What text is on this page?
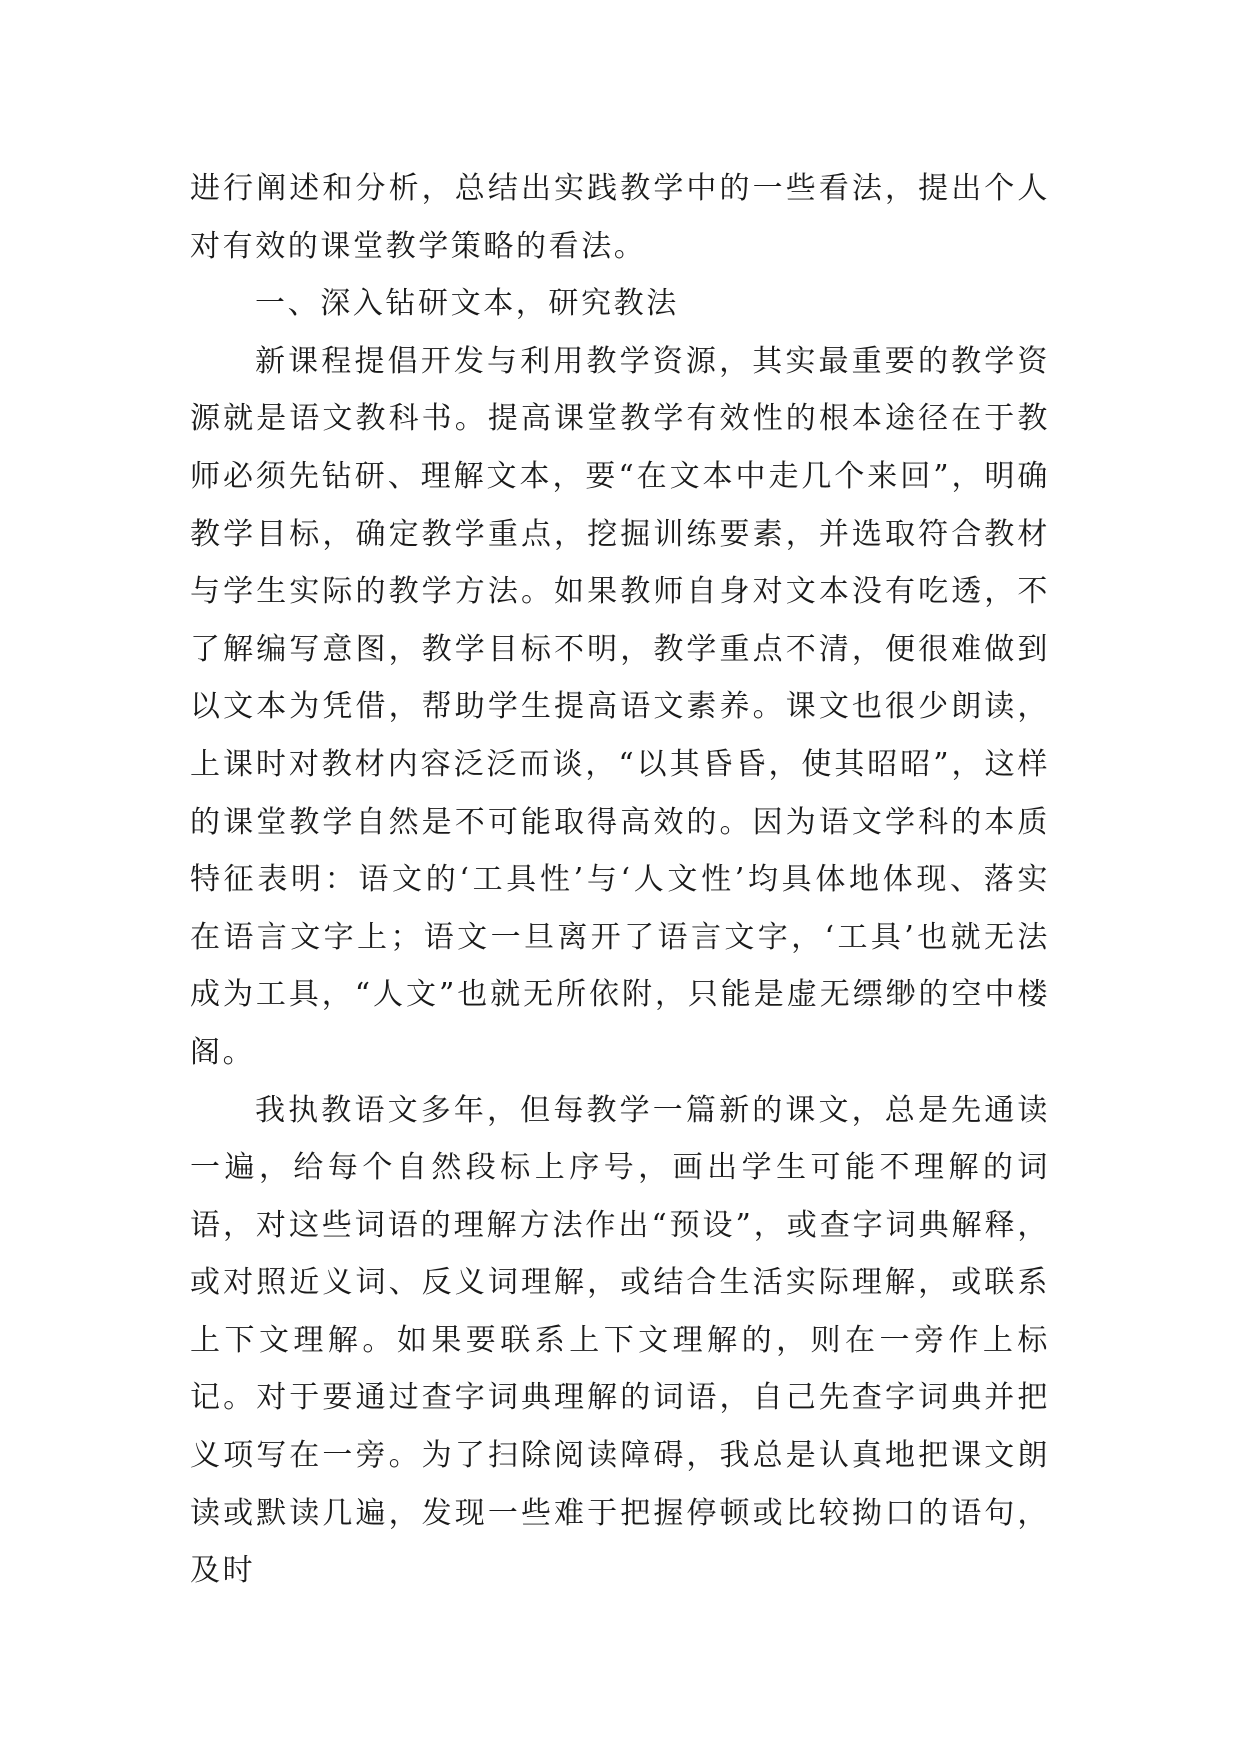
进行阐述和分析，总结出实践教学中的一些看法，提出个人对有效的课堂教学策略的看法。

一、深入钻研文本，研究教法

新课程提倡开发与利用教学资源，其实最重要的教学资源就是语文教科书。提高课堂教学有效性的根本途径在于教师必须先钻研、理解文本，要“在文本中走几个来回”，明确教学目标，确定教学重点，挖掘训练要素，并选取符合教材与学生实际的教学方法。如果教师自身对文本没有吃透，不了解编写意图，教学目标不明，教学重点不清，便很难做到以文本为凭借，帮助学生提高语文素养。课文也很少朗读，上课时对教材内容泛泛而谈，“以其昏昏，使其昭昭”，这样的课堂教学自然是不可能取得高效的。因为语文学科的本质特征表明：语文的‘工具性’与‘人文性’均具体地体现、落实在语言文字上；语文一旦离开了语言文字，‘工具’也就无法成为工具，“人文”也就无所依附，只能是虚无缥缈的空中楼阁。

我执教语文多年，但每教学一篇新的课文，总是先通读一遍，给每个自然段标上序号，画出学生可能不理解的词语，对这些词语的理解方法作出“预设”，或查字词典解释，或对照近义词、反义词理解，或结合生活实际理解，或联系上下文理解。如果要联系上下文理解的，则在一旁作上标记。对于要通过查字词典理解的词语，自己先查字词典并把义项写在一旁。为了扫除阅读障碍，我总是认真地把课文朗读或默读几遍，发现一些难于把握停顿或比较拗口的语句，及时
